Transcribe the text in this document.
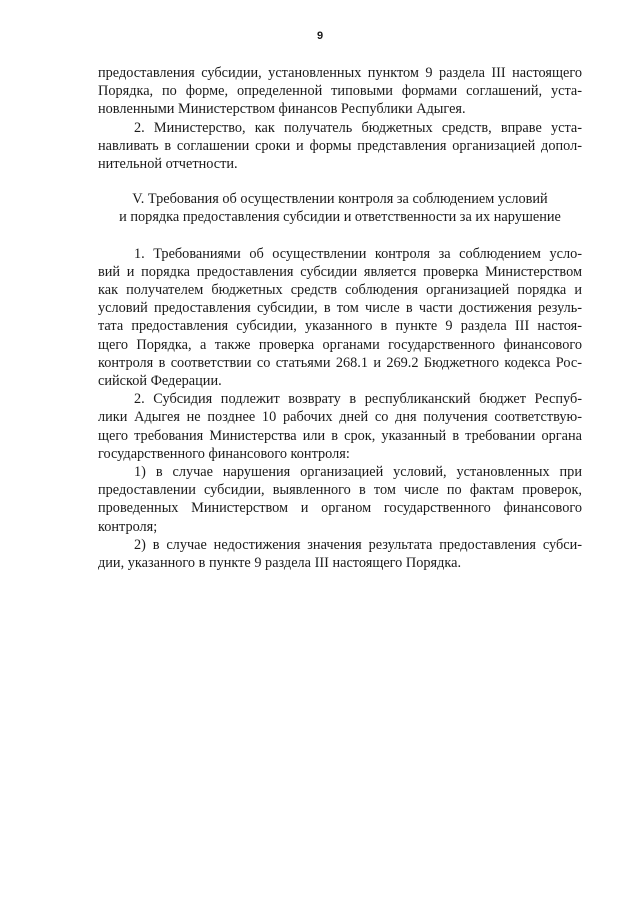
9

предоставления субсидии, установленных пунктом 9 раздела III настоящего
Порядка, по форме, определенной типовыми формами соглашений, уста-
новленными Министерством финансов Республики Адыгея.

2. Министерство, как получатель бюджетных средств, вправе уста-
навливать в соглашении сроки и формы представления организацией допол-
нительной отчетности.

V. Требования об осуществлении контроля за соблюдением условий
и порядка предоставления субсидии и ответственности за их нарушение

1. Требованиями об осуществлении контроля за соблюдением усло-
вий и порядка предоставления субсидии является проверка Министерством
как получателем бюджетных средств соблюдения организацией порядка и
условий предоставления субсидии, в том числе в части достижения резуль-
тата предоставления субсидии, указанного в пункте 9 раздела III настоя-
щего Порядка, а также проверка органами государственного финансового
контроля в соответствии со статьями 268.1 и 269.2 Бюджетного кодекса Рос-
сийской Федерации.

2. Субсидия подлежит возврату в республиканский бюджет Респуб-
лики Адыгея не позднее 10 рабочих дней со дня получения соответствую-
щего требования Министерства или в срок, указанный в требовании органа
государственного финансового контроля:

1) в случае нарушения организацией условий, установленных при
предоставлении субсидии, выявленного в том числе по фактам проверок,
проведенных Министерством и органом государственного финансового
контроля;

2) в случае недостижения значения результата предоставления субси-
дии, указанного в пункте 9 раздела III настоящего Порядка.
